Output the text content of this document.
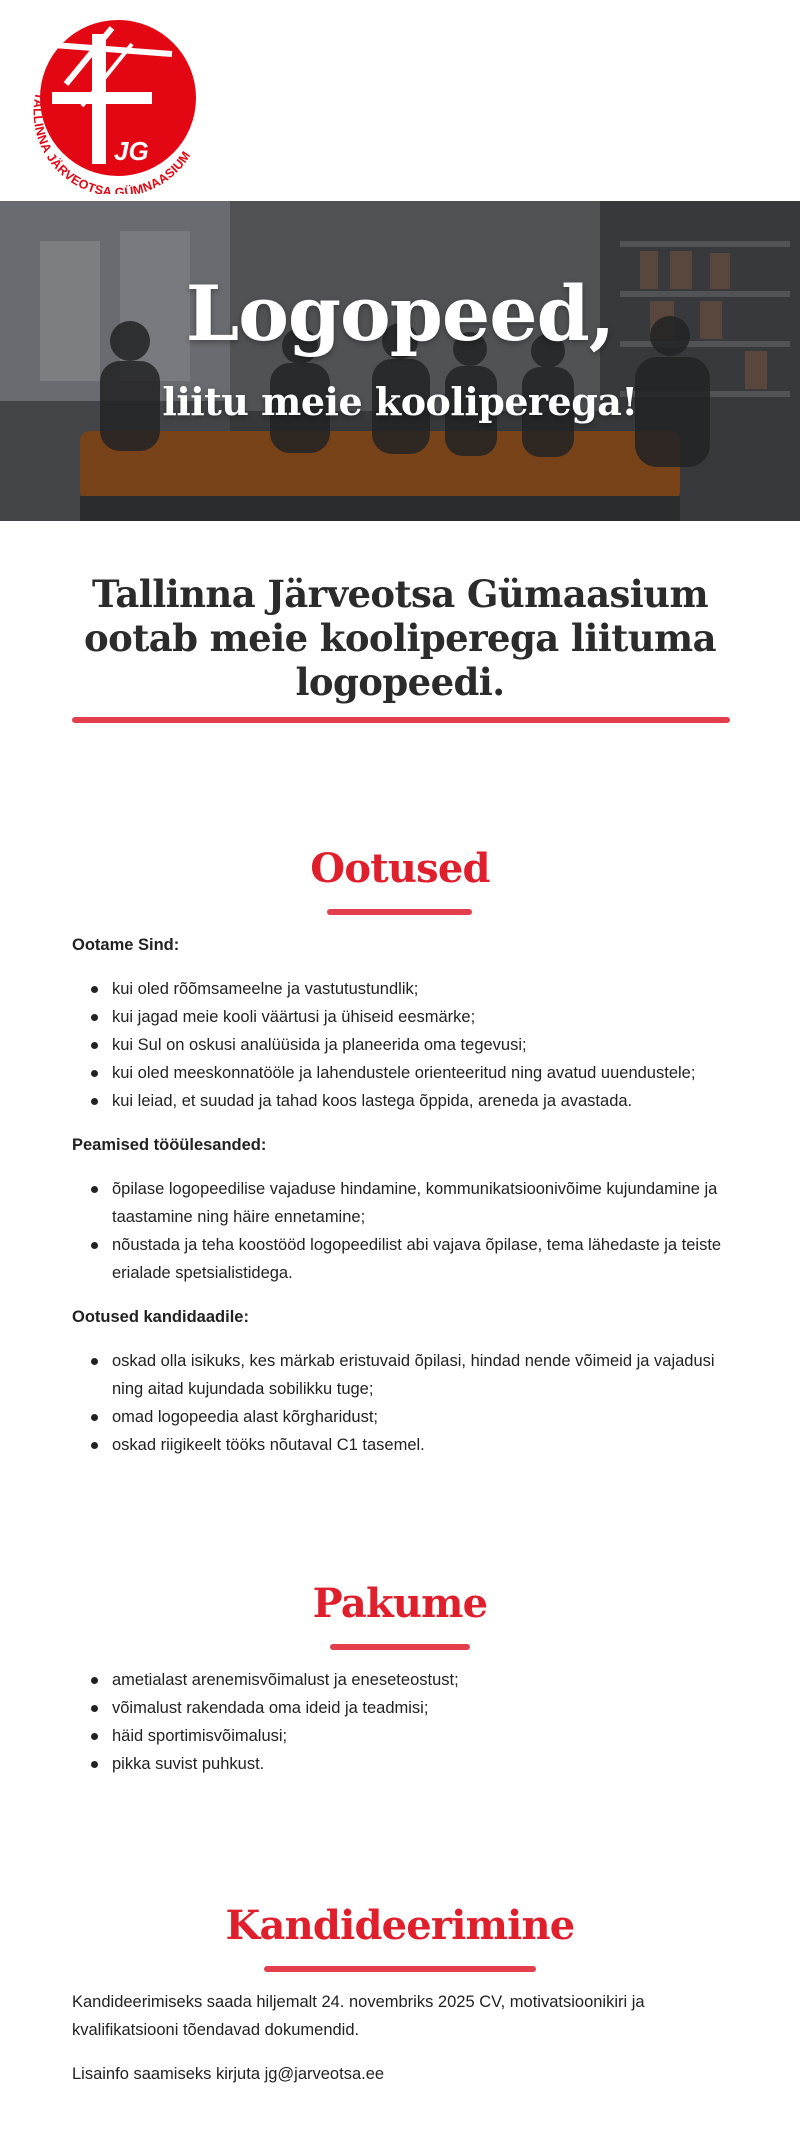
JG
TALLINNA JÄRVEOTSA GÜMNAASIUM
Logopeed,
liitu meie kooliperega!
Tallinna Järveotsa Gümaasium ootab meie kooliperega liituma logopeedi.
Ootused
Ootame Sind:
kui oled rõõmsameelne ja vastutustundlik;
kui jagad meie kooli väärtusi ja ühiseid eesmärke;
kui Sul on oskusi analüüsida ja planeerida oma tegevusi;
kui oled meeskonnatööle ja lahendustele orienteeritud ning avatud uuendustele;
kui leiad, et suudad ja tahad koos lastega õppida, areneda ja avastada.
Peamised tööülesanded:
õpilase logopeedilise vajaduse hindamine, kommunikatsioonivõime kujundamine ja taastamine ning häire ennetamine;
nõustada ja teha koostööd logopeedilist abi vajava õpilase, tema lähedaste ja teiste erialade spetsialistidega.
Ootused kandidaadile:
oskad olla isikuks, kes märkab eristuvaid õpilasi, hindad nende võimeid ja vajadusi ning aitad kujundada sobilikku tuge;
omad logopeedia alast kõrgharidust;
oskad riigikeelt tööks nõutaval C1 tasemel.
Pakume
ametialast arenemisvõimalust ja eneseteostust;
võimalust rakendada oma ideid ja teadmisi;
häid sportimisvõimalusi;
pikka suvist puhkust.
Kandideerimine

Kandideerimiseks saada hiljemalt 24. novembriks 2025 CV, motivatsioonikiri ja kvalifikatsiooni tõendavad dokumendid.

Lisainfo saamiseks kirjuta jg@jarveotsa.ee
